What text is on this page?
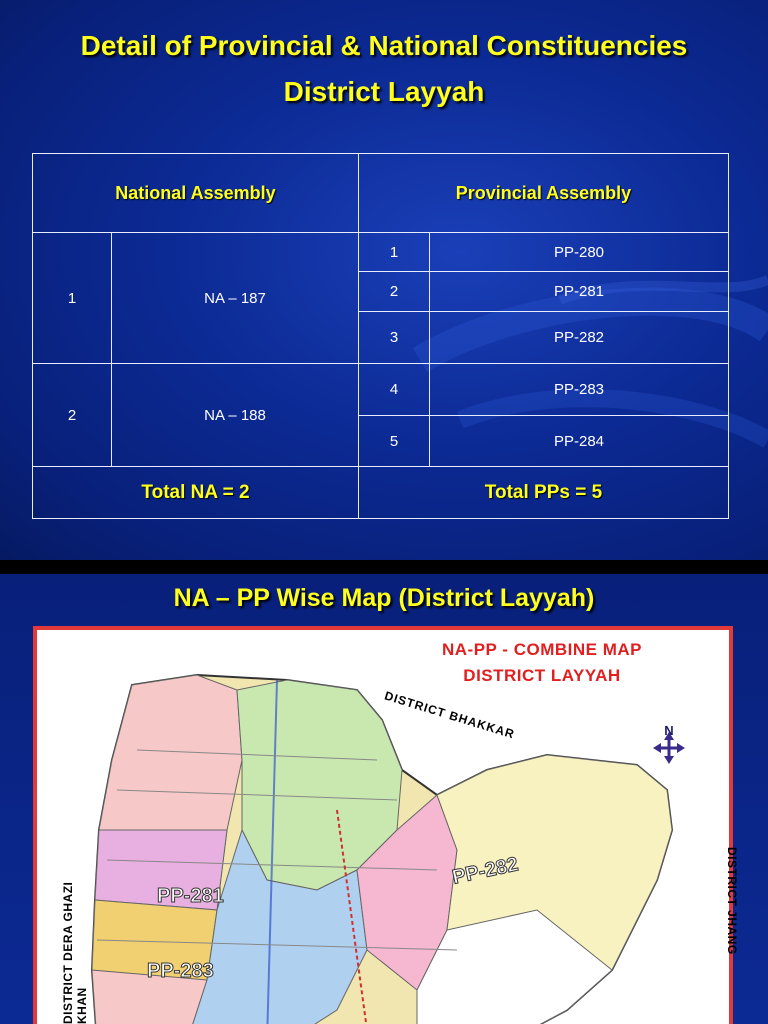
Detail of Provincial & National Constituencies
District Layyah
National Assembly		Provincial Assembly	
1	NA – 187	1	PP-280
		2	PP-281
		3	PP-282
2	NA – 188	4	PP-283
		5	PP-284
Total NA = 2		Total PPs = 5	
NA – PP Wise Map (District Layyah)
NA-PP - COMBINE MAP
DISTRICT LAYYAH
DISTRICT BHAKKAR	N
DISTRICT DERA GHAZI KHAN
DISTRICT JHANG
PP-282
PP-281
PP-283
